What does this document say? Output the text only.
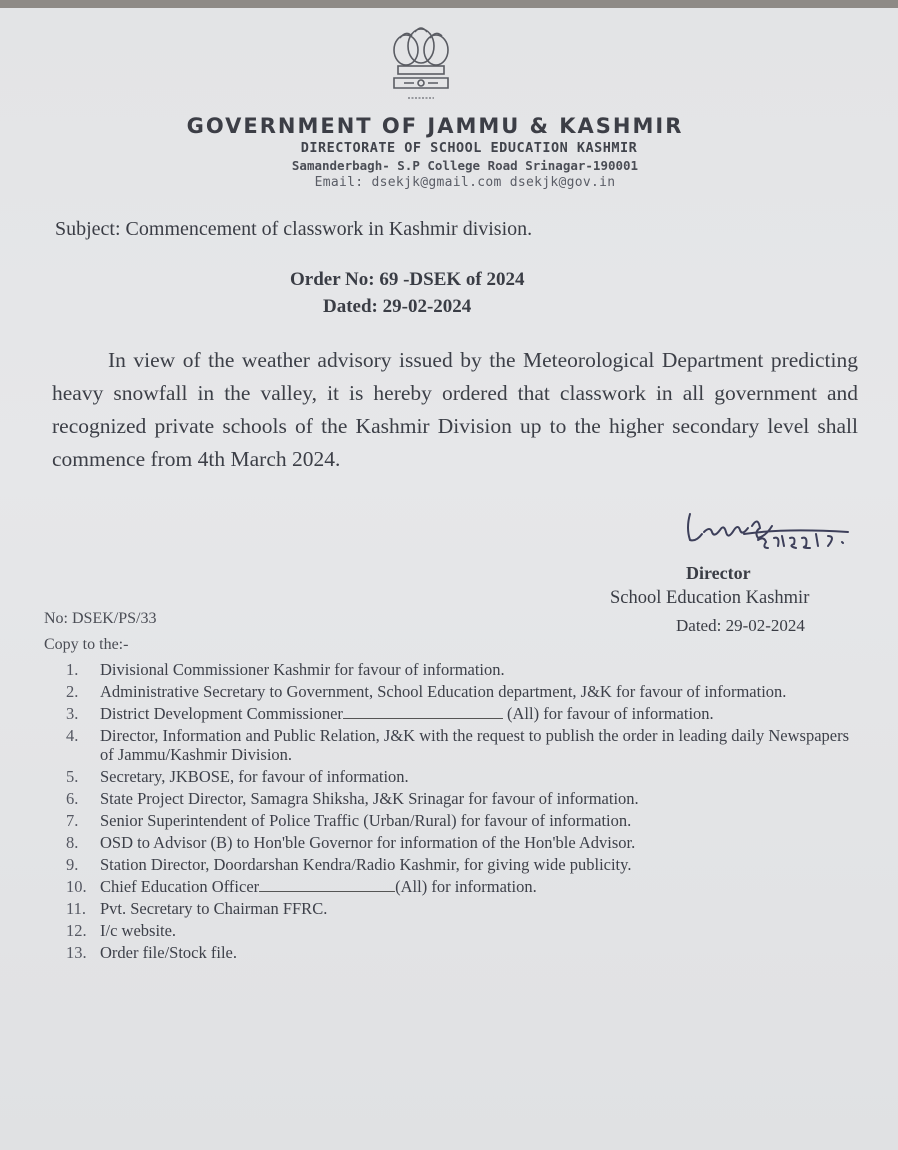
GOVERNMENT OF JAMMU & KASHMIR
DIRECTORATE OF SCHOOL EDUCATION KASHMIR
Samanderbagh- S.P College Road Srinagar-190001
Email: dsekjk@gmail.com dsekjk@gov.in
Subject: Commencement of classwork in Kashmir division.
Order No: 69 -DSEK of 2024
Dated: 29-02-2024
In view of the weather advisory issued by the Meteorological Department predicting heavy snowfall in the valley, it is hereby ordered that classwork in all government and recognized private schools of the Kashmir Division up to the higher secondary level shall commence from 4th March 2024.
Director
School Education Kashmir
Dated: 29-02-2024
No: DSEK/PS/33
Copy to the:-
1.	Divisional Commissioner Kashmir for favour of information.
2.	Administrative Secretary to Government, School Education department, J&K for favour of information.
3.	District Development Commissioner	(All) for favour of information.
4.	Director, Information and Public Relation, J&K with the request to publish the order in leading daily Newspapers of Jammu/Kashmir Division.
5.	Secretary, JKBOSE, for favour of information.
6.	State Project Director, Samagra Shiksha, J&K Srinagar for favour of information.
7.	Senior Superintendent of Police Traffic (Urban/Rural) for favour of information.
8.	OSD to Advisor (B) to Hon'ble Governor for information of the Hon'ble Advisor.
9.	Station Director, Doordarshan Kendra/Radio Kashmir, for giving wide publicity.
10. Chief Education Officer	(All) for information.
11. Pvt. Secretary to Chairman FFRC.
12. I/c website.
13. Order file/Stock file.
